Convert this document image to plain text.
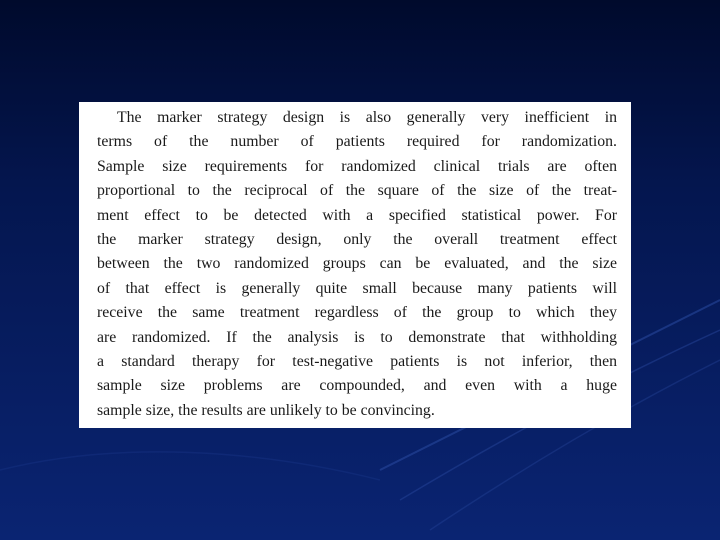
The marker strategy design is also generally very inefficient in
terms of the number of patients required for randomization.
Sample size requirements for randomized clinical trials are often
proportional to the reciprocal of the square of the size of the treat-
ment effect to be detected with a specified statistical power. For
the marker strategy design, only the overall treatment effect
between the two randomized groups can be evaluated, and the size
of that effect is generally quite small because many patients will
receive the same treatment regardless of the group to which they
are randomized. If the analysis is to demonstrate that withholding
a standard therapy for test-negative patients is not inferior, then
sample size problems are compounded, and even with a huge
sample size, the results are unlikely to be convincing.
